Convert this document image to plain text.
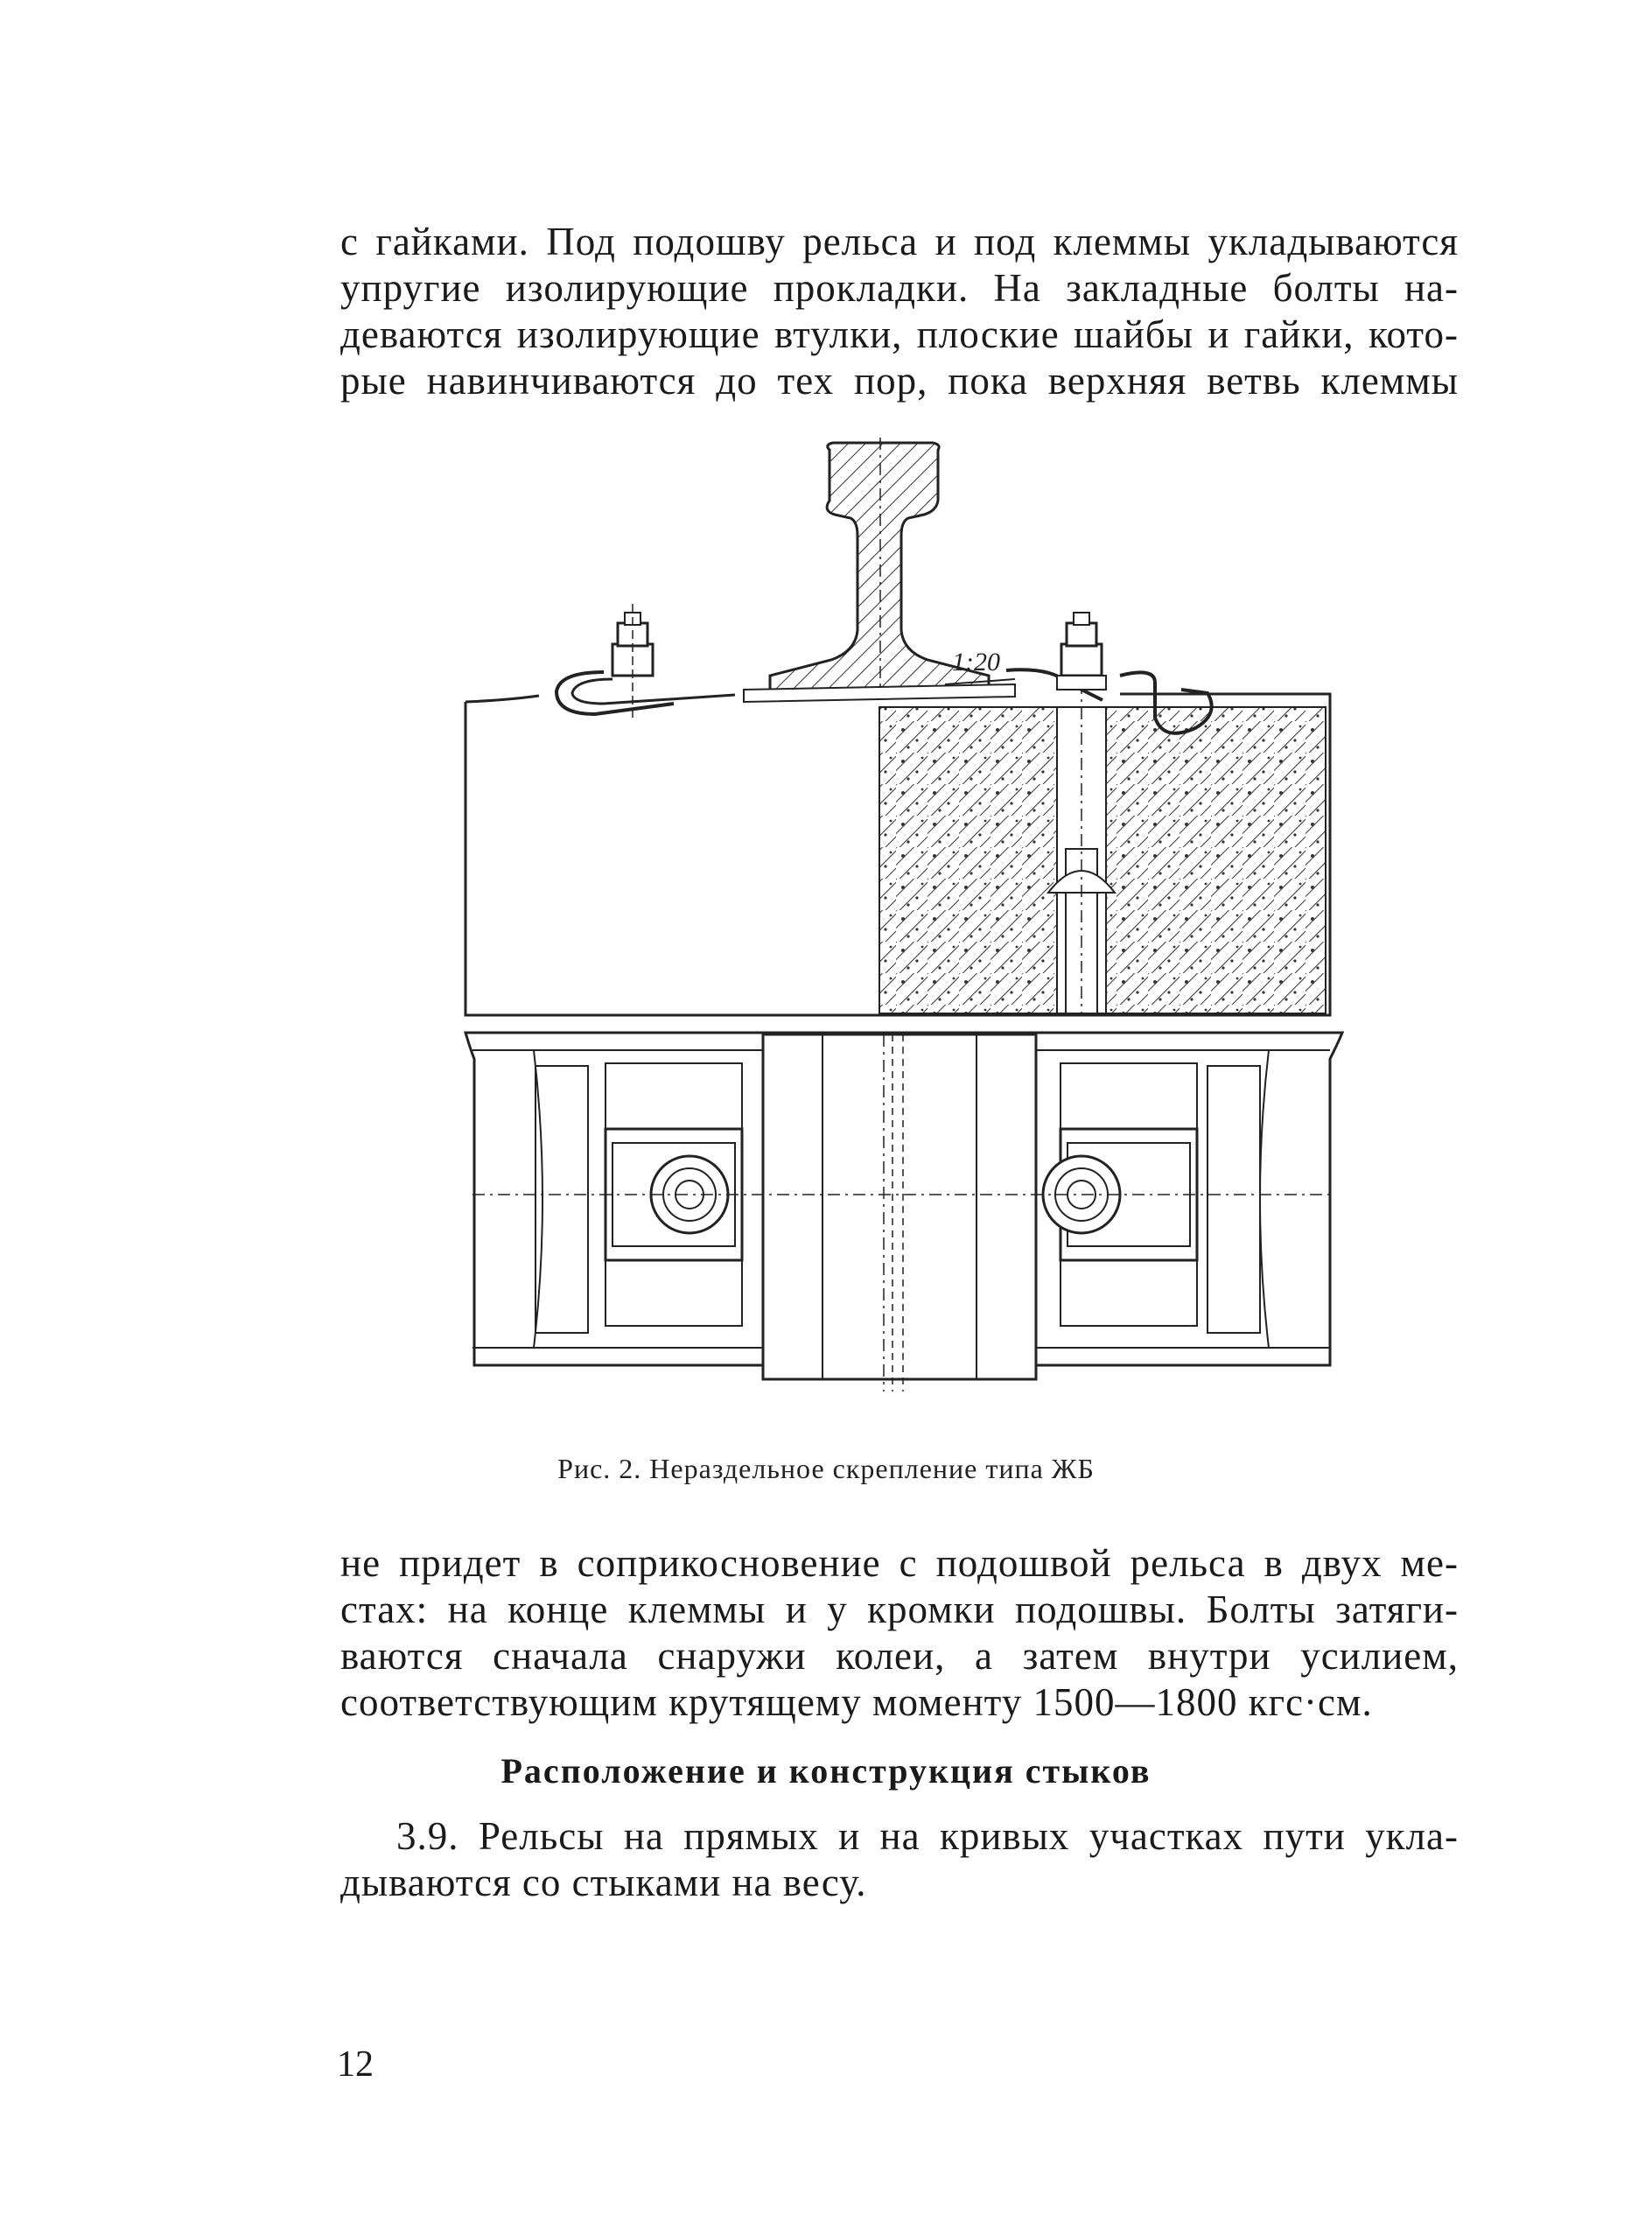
с гайками. Под подошву рельса и под клеммы укладываются
упругие изолирующие прокладки. На закладные болты на-
деваются изолирующие втулки, плоские шайбы и гайки, кото-
рые навинчиваются до тех пор, пока верхняя ветвь клеммы
1:20
Рис. 2. Нераздельное скрепление типа ЖБ
не придет в соприкосновение с подошвой рельса в двух ме-
стах: на конце клеммы и у кромки подошвы. Болты затяги-
ваются сначала снаружи колеи, а затем внутри усилием,
соответствующим крутящему моменту 1500—1800 кгс·см.
Расположение и конструкция стыков
3.9. Рельсы на прямых и на кривых участках пути укла-
дываются со стыками на весу.
12
